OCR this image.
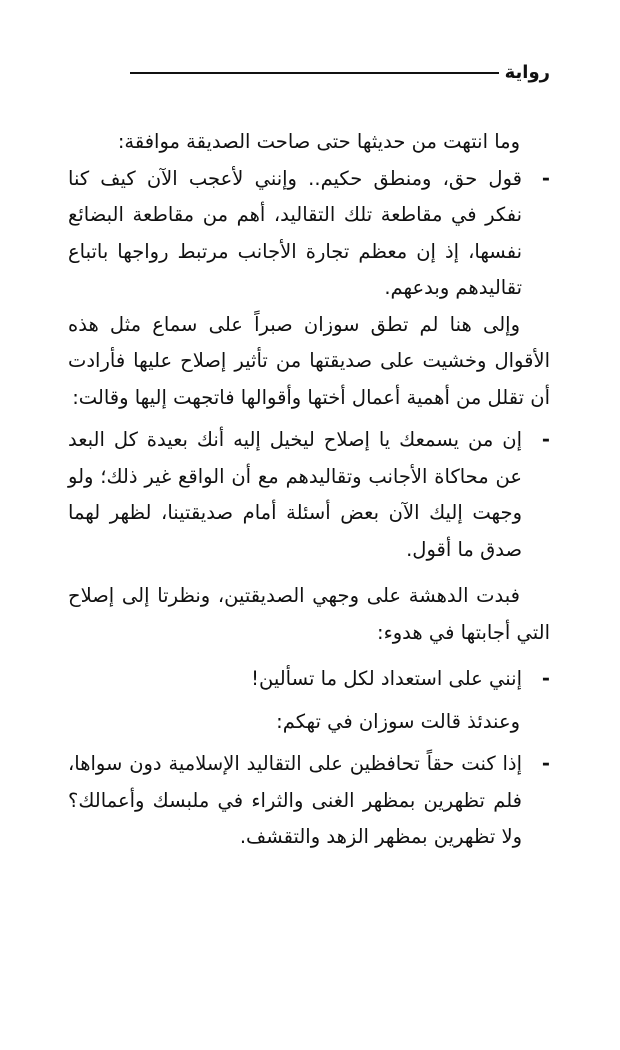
رواية

وما انتهت من حديثها حتى صاحت الصديقة موافقة:

-
قول حق، ومنطق حكيم.. وإنني لأعجب الآن كيف كنا نفكر في مقاطعة تلك التقاليد، أهم من مقاطعة البضائع نفسها، إذ إن معظم تجارة الأجانب مرتبط رواجها باتباع تقاليدهم وبدعهم.

وإلى هنا لم تطق سوزان صبراً على سماع مثل هذه الأقوال وخشيت على صديقتها من تأثير إصلاح عليها فأرادت أن تقلل من أهمية أعمال أختها وأقوالها فاتجهت إليها وقالت:

-
إن من يسمعك يا إصلاح ليخيل إليه أنك بعيدة كل البعد عن محاكاة الأجانب وتقاليدهم مع أن الواقع غير ذلك؛ ولو وجهت إليك الآن بعض أسئلة أمام صديقتينا، لظهر لهما صدق ما أقول.

فبدت الدهشة على وجهي الصديقتين، ونظرتا إلى إصلاح التي أجابتها في هدوء:

-
إنني على استعداد لكل ما تسألين!

وعندئذ قالت سوزان في تهكم:

-
إذا كنت حقاً تحافظين على التقاليد الإسلامية دون سواها، فلم تظهرين بمظهر الغنى والثراء في ملبسك وأعمالك؟ ولا تظهرين بمظهر الزهد والتقشف.
